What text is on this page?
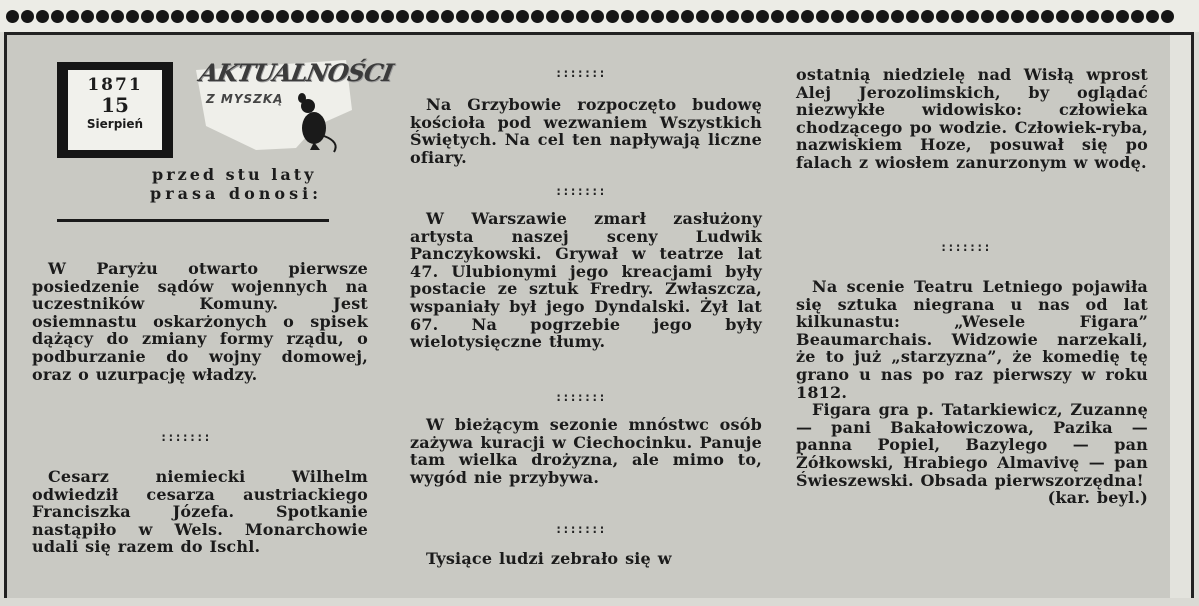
1871
15
Sierpień
AKTUALNOŚCI
Z MYSZKĄ
przed stu laty
prasa donosi:

W Paryżu otwarto pierwsze posiedzenie sądów wojennych na uczestników Komuny. Jest osiemnastu oskarżonych o spisek dążący do zmiany formy rządu, o podburzanie do wojny domowej, oraz o uzurpację władzy.

:::::::

Cesarz niemiecki Wilhelm odwiedził cesarza austriackiego Franciszka Józefa. Spotkanie nastąpiło w Wels. Monarchowie udali się razem do Ischl.

:::::::

Na Grzybowie rozpoczęto budowę kościoła pod wezwaniem Wszystkich Świętych. Na cel ten napływają liczne ofiary.

:::::::

W Warszawie zmarł zasłużony artysta naszej sceny Ludwik Panczykowski. Grywał w teatrze lat 47. Ulubionymi jego kreacjami były postacie ze sztuk Fredry. Zwłaszcza, wspaniały był jego Dyndalski. Żył lat 67. Na pogrzebie jego były wielotysięczne tłumy.

:::::::

W bieżącym sezonie mnóstwc osób zażywa kuracji w Ciechocinku. Panuje tam wielka drożyzna, ale mimo to, wygód nie przybywa.

:::::::

Tysiące ludzi zebrało się w

ostatnią niedzielę nad Wisłą wprost Alej Jerozolimskich, by oglądać niezwykłe widowisko: człowieka chodzącego po wodzie. Człowiek-ryba, nazwiskiem Hoze, posuwał się po falach z wiosłem zanurzonym w wodę.

:::::::

Na scenie Teatru Letniego pojawiła się sztuka niegrana u nas od lat kilkunastu: „Wesele Figara” Beaumarchais. Widzowie narzekali, że to już „starzyzna”, że komedię tę grano u nas po raz pierwszy w roku 1812.

Figara gra p. Tatarkiewicz, Zuzannę — pani Bakałowiczowa, Pazika — panna Popiel, Bazylego — pan Żółkowski, Hrabiego Almavivę — pan Świeszewski. Obsada pierwszorzędna!

(kar. beyl.)
